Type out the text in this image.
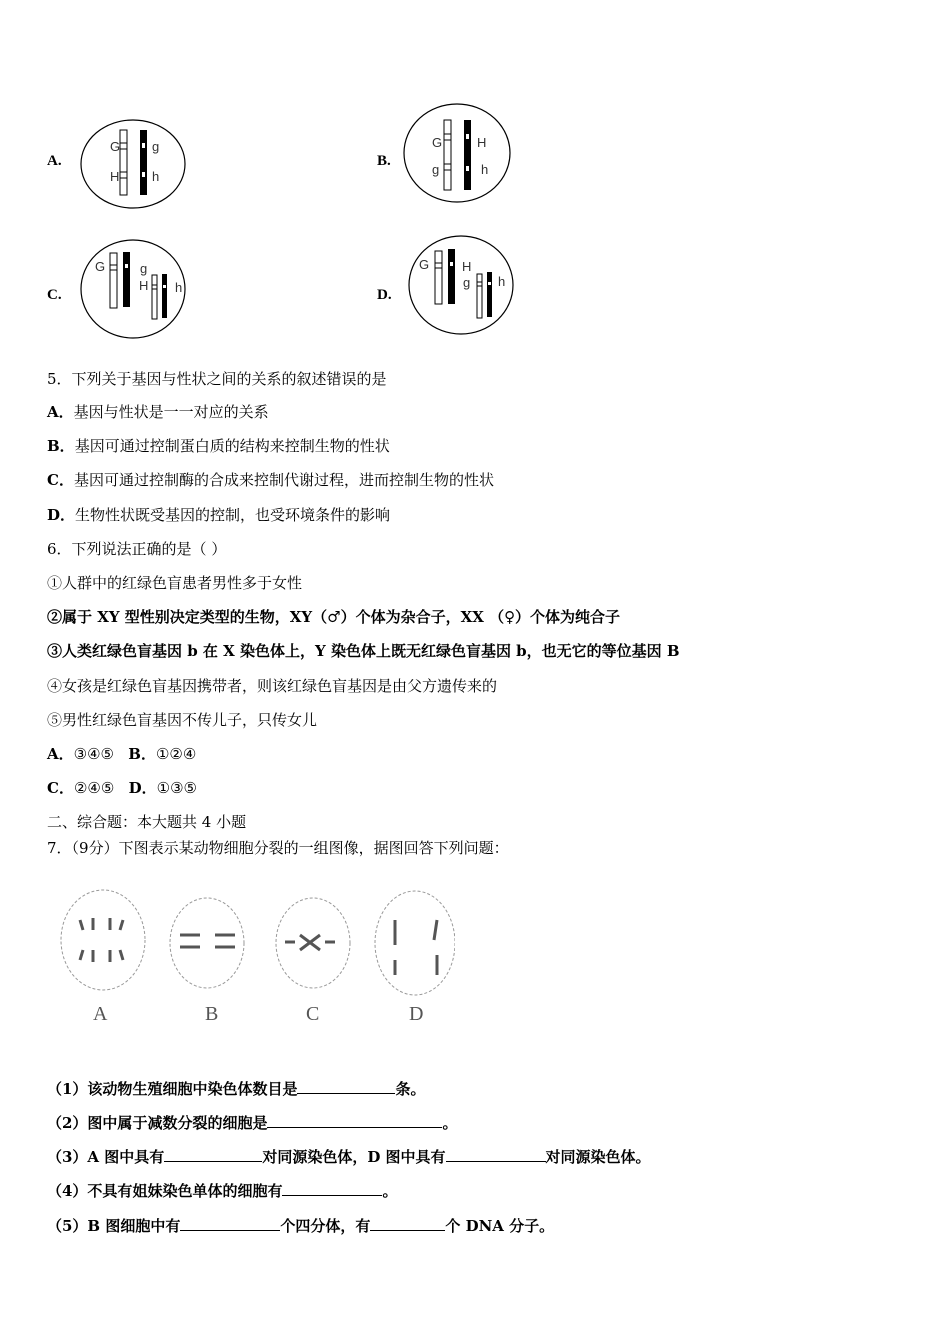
A.
G g
H	h
B.
G	H
g	h
C.
G	g
H h	D.
G	H
g h
5．下列关于基因与性状之间的关系的叙述错误的是
A．基因与性状是一一对应的关系
B．基因可通过控制蛋白质的结构来控制生物的性状
C．基因可通过控制酶的合成来控制代谢过程，进而控制生物的性状
D．生物性状既受基因的控制，也受环境条件的影响
6．下列说法正确的是（ ）
①人群中的红绿色盲患者男性多于女性
②属于 XY 型性别决定类型的生物，XY（♂）个体为杂合子，XX （♀）个体为纯合子
③人类红绿色盲基因 b 在 X 染色体上，Y 染色体上既无红绿色盲基因 b，也无它的等位基因 B
④女孩是红绿色盲基因携带者，则该红绿色盲基因是由父方遗传来的
⑤男性红绿色盲基因不传儿子，只传女儿
A．③④⑤ B．①②④
C．②④⑤ D．①③⑤
二、综合题：本大题共 4 小题
7．（9分）下图表示某动物细胞分裂的一组图像，据图回答下列问题：
A	B	C	D
（1）该动物生殖细胞中染色体数目是	条。
（2）图中属于减数分裂的细胞是	。
（3）A 图中具有	对同源染色体，D 图中具有	对同源染色体。
（4）不具有姐妹染色单体的细胞有	。
（5）B 图细胞中有	个四分体，有	个 DNA 分子。
